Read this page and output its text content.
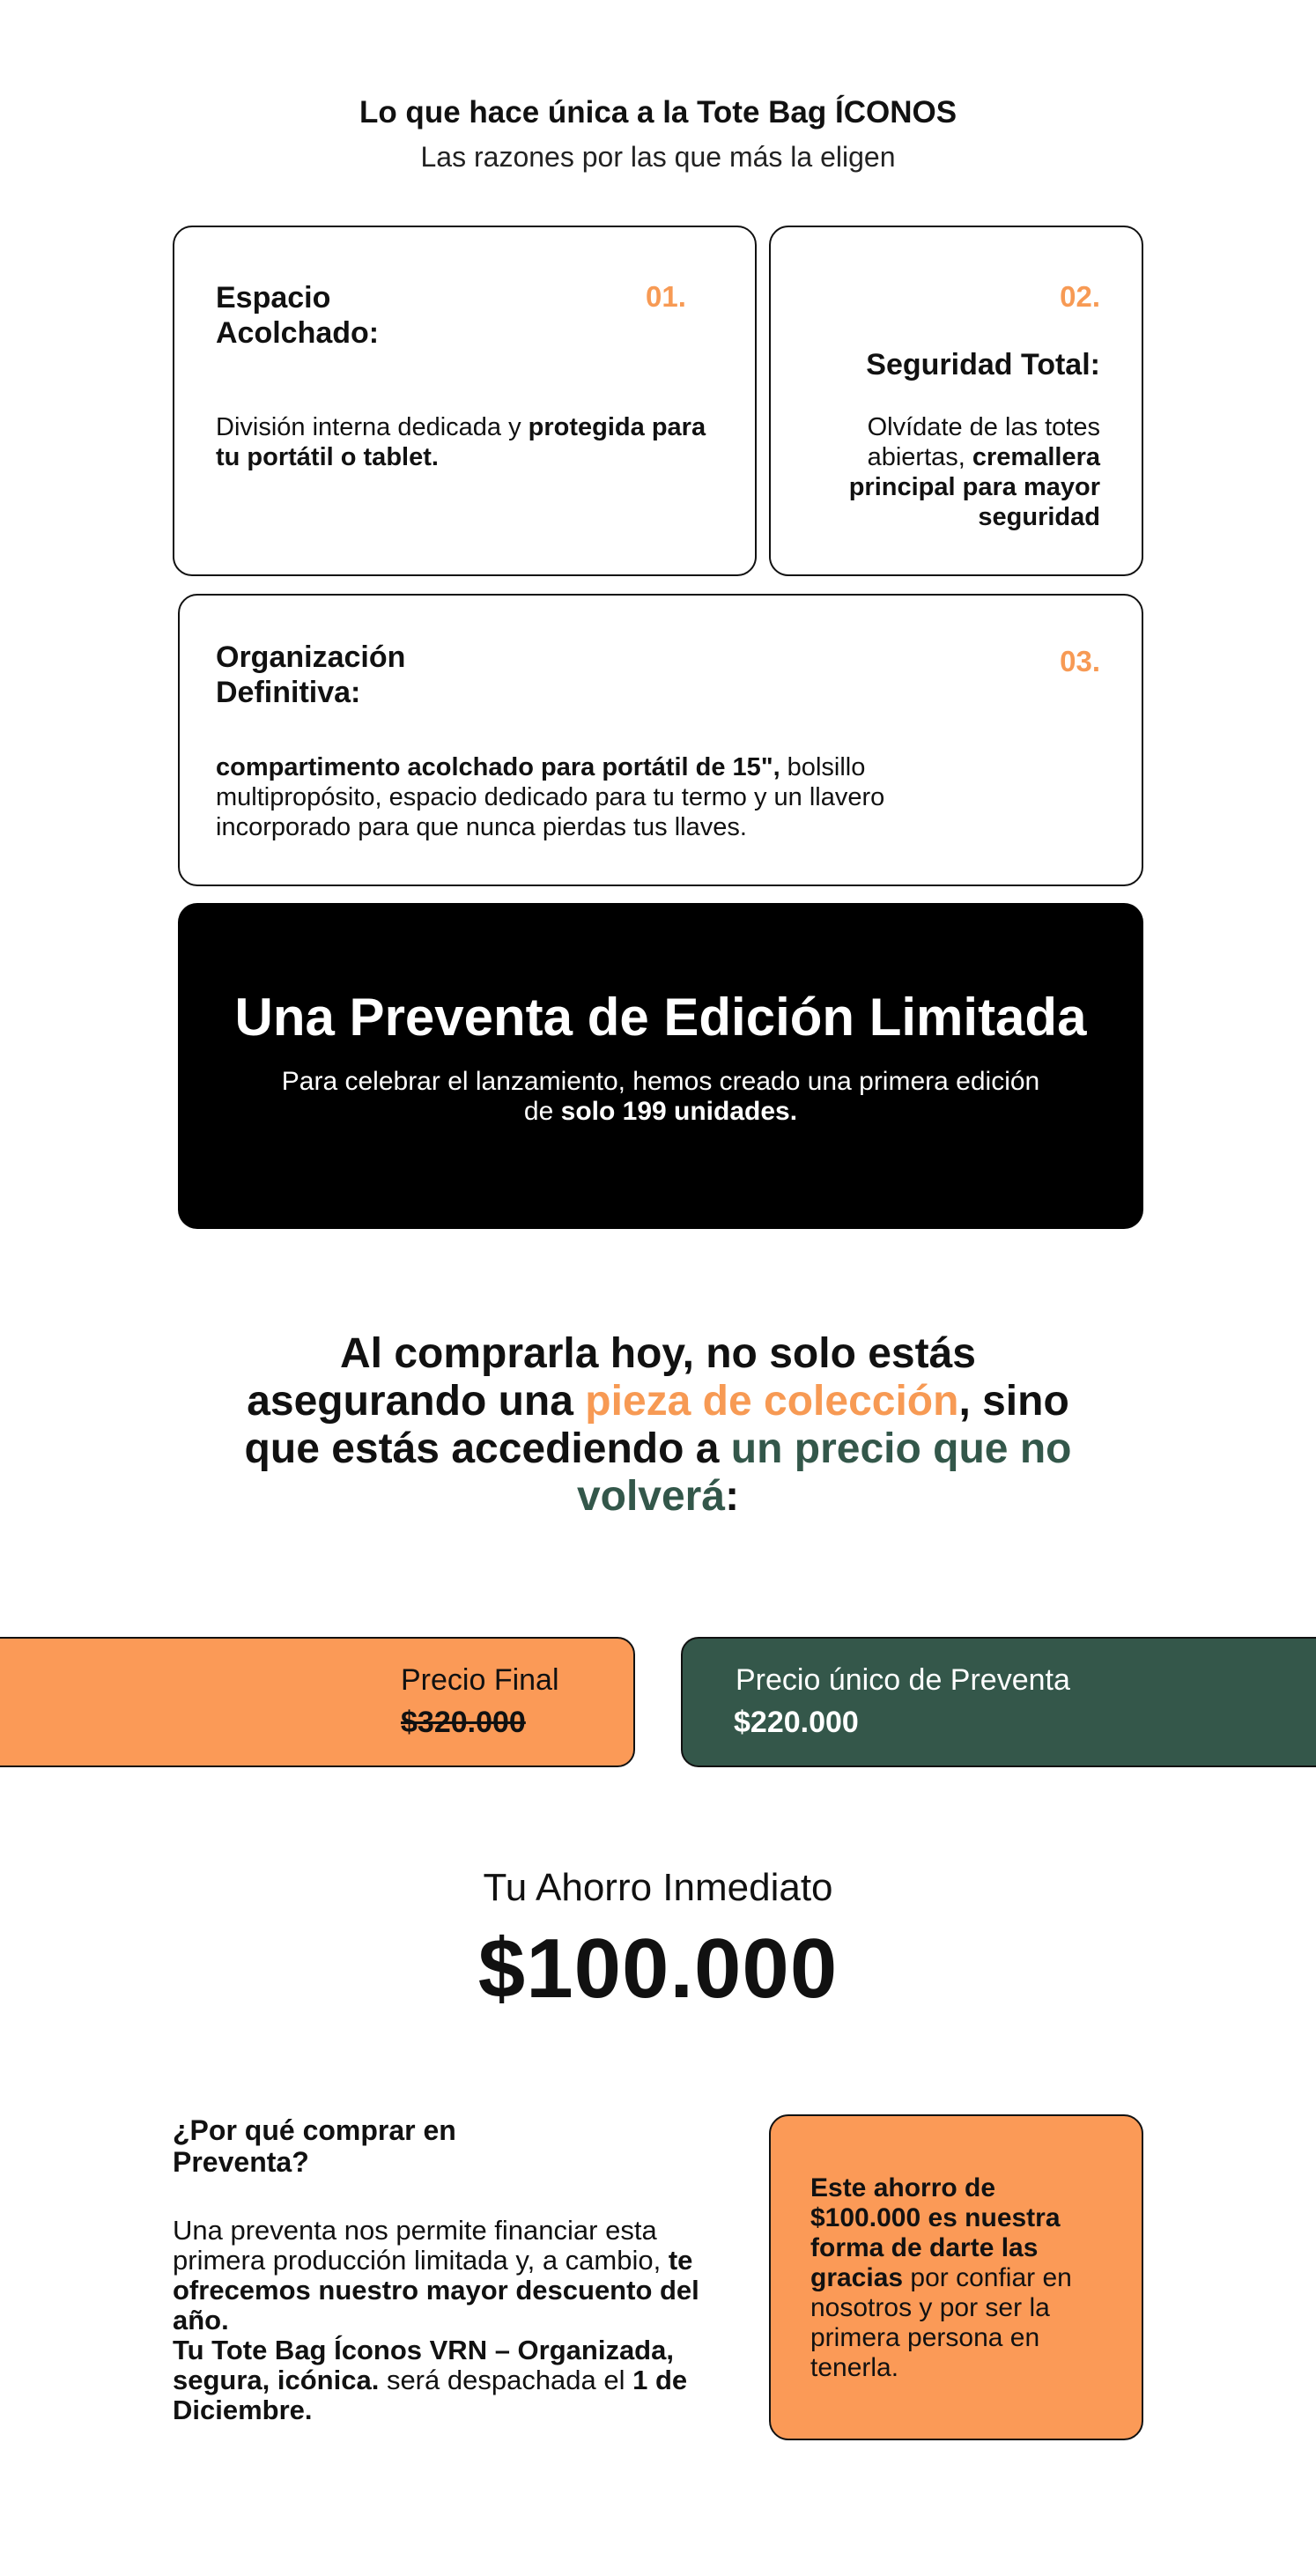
Lo que hace única a la Tote Bag ÍCONOS
Las razones por las que más la eligen
Espacio Acolchado:
01.
División interna dedicada y protegida para tu portátil o tablet.
02.
Seguridad Total:
Olvídate de las totes abiertas, cremallera principal para mayor seguridad
Organización Definitiva:
03.
compartimento acolchado para portátil de 15", bolsillo multipropósito, espacio dedicado para tu termo y un llavero incorporado para que nunca pierdas tus llaves.
Una Preventa de Edición Limitada
Para celebrar el lanzamiento, hemos creado una primera edición de solo 199 unidades.
Al comprarla hoy, no solo estás asegurando una pieza de colección, sino que estás accediendo a un precio que no volverá:
Precio Final
$320.000
Precio único de Preventa
$220.000
Tu Ahorro Inmediato
$100.000
¿Por qué comprar en Preventa?
Una preventa nos permite financiar esta primera producción limitada y, a cambio, te ofrecemos nuestro mayor descuento del año.
Tu Tote Bag Íconos VRN – Organizada, segura, icónica. será despachada el 1 de Diciembre.
Este ahorro de $100.000 es nuestra forma de darte las gracias por confiar en nosotros y por ser la primera persona en tenerla.
